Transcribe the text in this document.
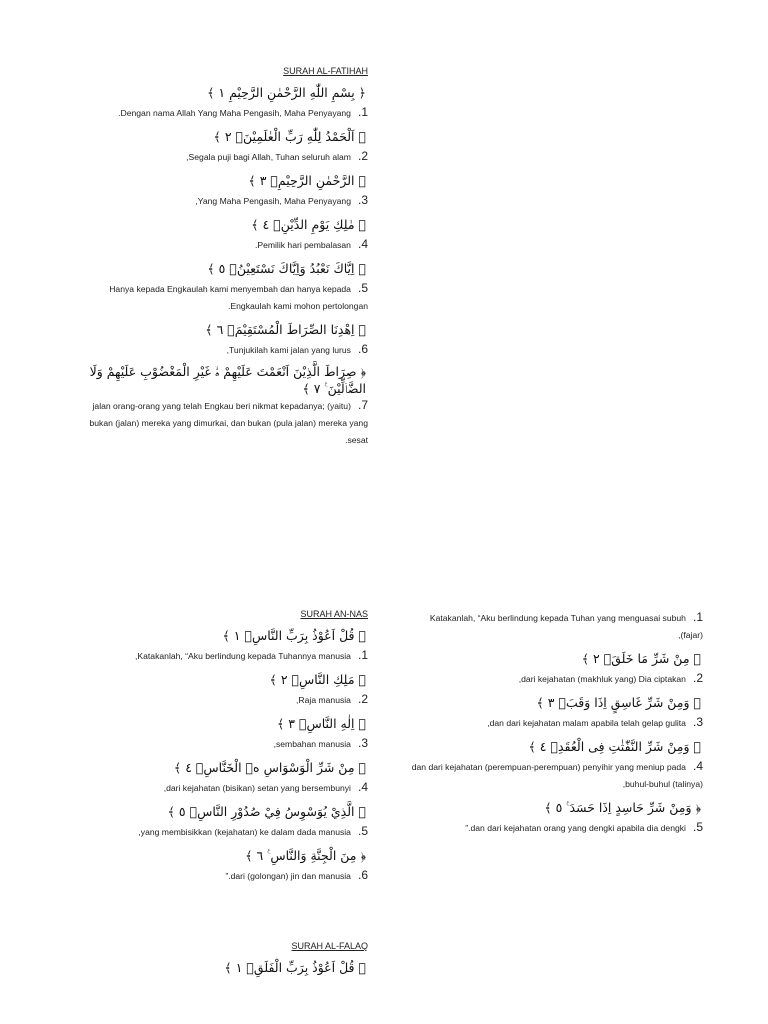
SURAH AL-FATIHAH
﴿ بِسْمِ اللّٰهِ الرَّحْمٰنِ الرَّحِيْمِ ١ ﴾
1.Dengan nama Allah Yang Maha Pengasih, Maha Penyayang.
﴿ اَلْحَمْدُ لِلّٰهِ رَبِّ الْعٰلَمِيْنَۙ ٢ ﴾
2.Segala puji bagi Allah, Tuhan seluruh alam,
﴿ الرَّحْمٰنِ الرَّحِيْمِۙ ٣ ﴾
3.Yang Maha Pengasih, Maha Penyayang,
﴿ مٰلِكِ يَوْمِ الدِّيْنِۗ ٤ ﴾
4.Pemilik hari pembalasan.
﴿ اِيَّاكَ نَعْبُدُ وَاِيَّاكَ نَسْتَعِيْنُۗ ٥ ﴾
5.Hanya kepada Engkaulah kami menyembah dan hanya kepada Engkaulah kami mohon pertolongan.
﴿ اِهْدِنَا الصِّرَاطَ الْمُسْتَقِيْمَۙ ٦ ﴾
6.Tunjukilah kami jalan yang lurus,
﴿ صِرَاطَ الَّذِيْنَ اَنْعَمْتَ عَلَيْهِمْ ەۙ غَيْرِ الْمَغْضُوْبِ عَلَيْهِمْ وَلَا الضَّاۤلِّيْنَ ࣖ ٧ ﴾
7.(yaitu) jalan orang-orang yang telah Engkau beri nikmat kepadanya; bukan (jalan) mereka yang dimurkai, dan bukan (pula jalan) mereka yang sesat.
SURAH AN-NAS
﴿ قُلْ اَعُوْذُ بِرَبِّ النَّاسِۙ ١ ﴾
1.Katakanlah, “Aku berlindung kepada Tuhannya manusia,
﴿ مَلِكِ النَّاسِۙ ٢ ﴾
2.Raja manusia,
﴿ اِلٰهِ النَّاسِۙ ٣ ﴾
3.sembahan manusia,
﴿ مِنْ شَرِّ الْوَسْوَاسِ ەۙ الْخَنَّاسِۖ ٤ ﴾
4.dari kejahatan (bisikan) setan yang bersembunyi,
﴿ الَّذِيْ يُوَسْوِسُ فِيْ صُدُوْرِ النَّاسِۙ ٥ ﴾
5.yang membisikkan (kejahatan) ke dalam dada manusia,
﴿ مِنَ الْجِنَّةِ وَالنَّاسِ ࣖ ٦ ﴾
6.dari (golongan) jin dan manusia.”
SURAH AL-FALAQ
﴿ قُلْ اَعُوْذُ بِرَبِّ الْفَلَقِۙ ١ ﴾
1.Katakanlah, “Aku berlindung kepada Tuhan yang menguasai subuh (fajar),
﴿ مِنْ شَرِّ مَا خَلَقَۙ ٢ ﴾
2.dari kejahatan (makhluk yang) Dia ciptakan,
﴿ وَمِنْ شَرِّ غَاسِقٍ اِذَا وَقَبَۙ ٣ ﴾
3.dan dari kejahatan malam apabila telah gelap gulita,
﴿ وَمِنْ شَرِّ النَّفّٰثٰتِ فِى الْعُقَدِۙ ٤ ﴾
4.dan dari kejahatan (perempuan-perempuan) penyihir yang meniup pada buhul-buhul (talinya),
﴿ وَمِنْ شَرِّ حَاسِدٍ اِذَا حَسَدَ ࣖ ٥ ﴾
5.dan dari kejahatan orang yang dengki apabila dia dengki.”
